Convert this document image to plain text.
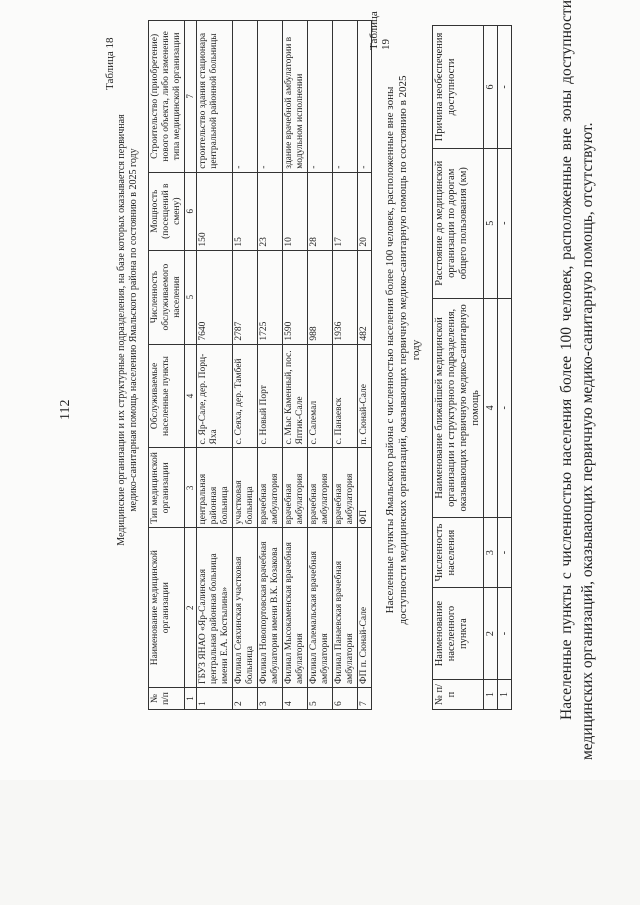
112
Таблица 18
Медицинские организации и их структурные подразделения, на базе которых оказывается первичная медико-санитарная помощь населению Ямальского района по состоянию в 2025 году
№ п/п	Наименование медицинской организации	Тип медицинской организации	Обслуживаемые населенные пункты	Численность обслуживаемого населения	Мощность (посещений в смену)	Строительство (приобретение) нового объекта, либо изменение типа медицинской организации
1	2	3	4	5	6	7
1	ГБУЗ ЯНАО «Яр-Салинская центральная районная больница имени Е.А. Костылина»	центральная районная больница	с. Яр-Сале, дер. Порц-Яха	7640	150	строительство здания стационара центральной районной больницы
2	Филиал Сеяхинская участковая больница	участковая больница	с. Сеяха, дер. Тамбей	2787	15	-
3	Филиал Новопортовская врачебная амбулатория имени В.К. Козакова	врачебная амбулатория	с. Новый Порт	1725	23	-
4	Филиал Мысокаменская врачебная амбулатория	врачебная амбулатория	с. Мыс Каменный, пос. Яптик-Сале	1590	10	здание врачебной амбулатории в модульном исполнении
5	Филиал Салемальская врачебная амбулатория	врачебная амбулатория	с. Салемал	988	28	-
6	Филиал Панаевская врачебная амбулатория	врачебная амбулатория	с. Панаевск	1936	17	-
7	ФП п. Сюнай-Сале	ФП	п. Сюнай-Сале	482	20	-
Таблица 19
Населенные пункты Ямальского района с численностью населения более 100 человек, расположенные вне зоны доступности медицинских организаций, оказывающих первичную медико-санитарную помощь по состоянию в 2025 году
№ п/п	Наименование населенного пункта	Численность населения	Наименование ближайшей медицинской организации и структурного подразделения, оказывающих первичную медико-санитарную помощь	Расстояние до медицинской организации по дорогам общего пользования (км)	Причина необеспечения доступности
1	2	3	4	5	6
1	-	-	-	-	-	Населенные пункты с численностью населения более 100 человек, расположенные вне зоны доступности медицинских организаций, оказывающих первичную медико-санитарную помощь, отсутствуют.
